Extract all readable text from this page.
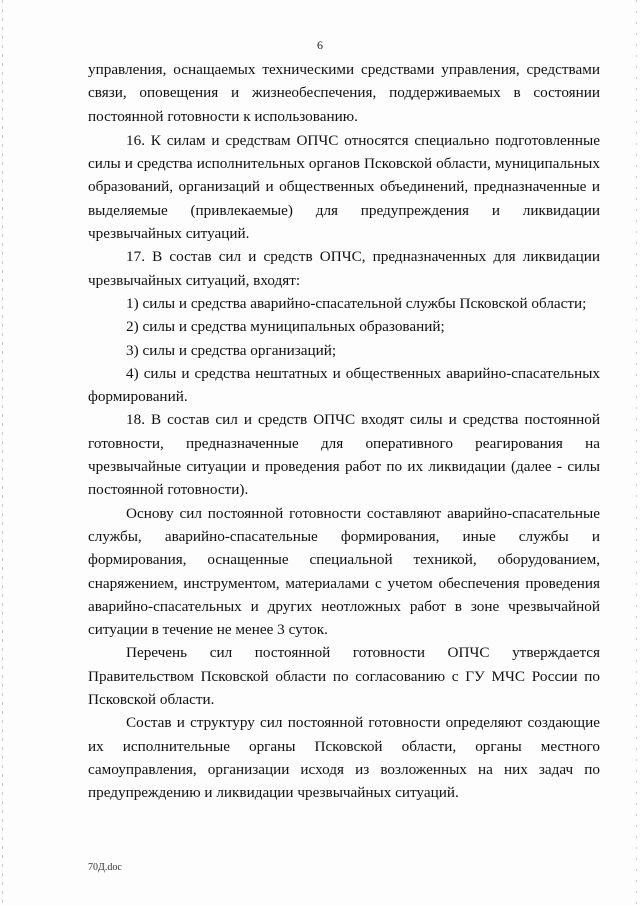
6

управления, оснащаемых техническими средствами управления, средствами связи, оповещения и жизнеобеспечения, поддерживаемых в состоянии постоянной готовности к использованию.

16. К силам и средствам ОПЧС относятся специально подготовленные силы и средства исполнительных органов Псковской области, муниципальных образований, организаций и общественных объединений, предназначенные и выделяемые (привлекаемые) для предупреждения и ликвидации чрезвычайных ситуаций.

17. В состав сил и средств ОПЧС, предназначенных для ликвидации чрезвычайных ситуаций, входят:

1) силы и средства аварийно-спасательной службы Псковской области;

2) силы и средства муниципальных образований;

3) силы и средства организаций;

4) силы и средства нештатных и общественных аварийно-спасательных формирований.

18. В состав сил и средств ОПЧС входят силы и средства постоянной готовности, предназначенные для оперативного реагирования на чрезвычайные ситуации и проведения работ по их ликвидации (далее - силы постоянной готовности).

Основу сил постоянной готовности составляют аварийно-спасательные службы, аварийно-спасательные формирования, иные службы и формирования, оснащенные специальной техникой, оборудованием, снаряжением, инструментом, материалами с учетом обеспечения проведения аварийно-спасательных и других неотложных работ в зоне чрезвычайной ситуации в течение не менее 3 суток.

Перечень сил постоянной готовности ОПЧС утверждается Правительством Псковской области по согласованию с ГУ МЧС России по Псковской области.

Состав и структуру сил постоянной готовности определяют создающие их исполнительные органы Псковской области, органы местного самоуправления, организации исходя из возложенных на них задач по предупреждению и ликвидации чрезвычайных ситуаций.

70Д.doc
